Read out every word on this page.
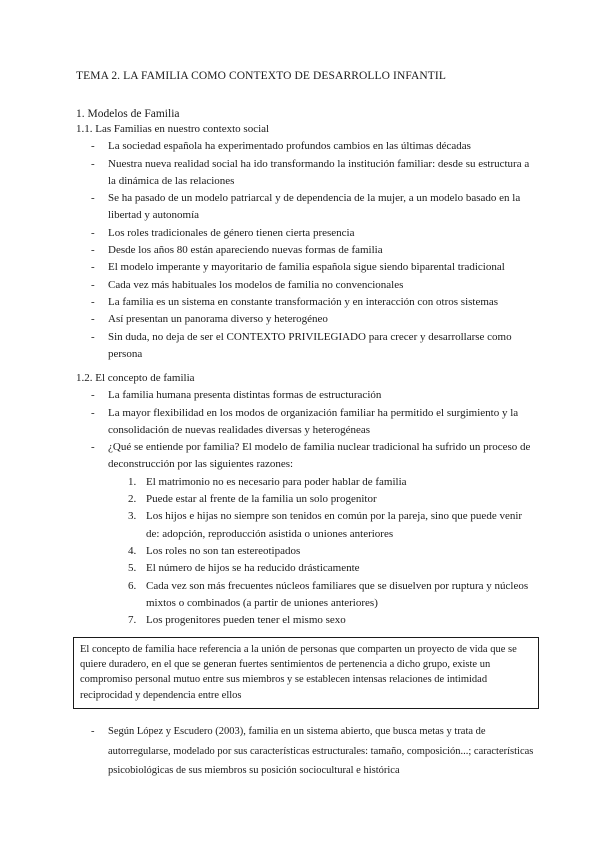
TEMA 2. LA FAMILIA COMO CONTEXTO DE DESARROLLO INFANTIL
1. Modelos de Familia
1.1. Las Familias en nuestro contexto social
- La sociedad española ha experimentado profundos cambios en las últimas décadas
- Nuestra nueva realidad social ha ido transformando la institución familiar: desde su estructura a la dinámica de las relaciones
- Se ha pasado de un modelo patriarcal y de dependencia de la mujer, a un modelo basado en la libertad y autonomía
- Los roles tradicionales de género tienen cierta presencia
- Desde los años 80 están apareciendo nuevas formas de familia
- El modelo imperante y mayoritario de familia española sigue siendo biparental tradicional
- Cada vez más habituales los modelos de familia no convencionales
- La familia es un sistema en constante transformación y en interacción con otros sistemas
- Así presentan un panorama diverso y heterogéneo
- Sin duda, no deja de ser el CONTEXTO PRIVILEGIADO para crecer y desarrollarse como persona
1.2. El concepto de familia
- La familia humana presenta distintas formas de estructuración
- La mayor flexibilidad en los modos de organización familiar ha permitido el surgimiento y la consolidación de nuevas realidades diversas y heterogéneas
- ¿Qué se entiende por familia? El modelo de familia nuclear tradicional ha sufrido un proceso de deconstrucción por las siguientes razones:
1. El matrimonio no es necesario para poder hablar de familia
2. Puede estar al frente de la familia un solo progenitor
3. Los hijos e hijas no siempre son tenidos en común por la pareja, sino que puede venir de: adopción, reproducción asistida o uniones anteriores
4. Los roles no son tan estereotipados
5. El número de hijos se ha reducido drásticamente
6. Cada vez son más frecuentes núcleos familiares que se disuelven por ruptura y núcleos mixtos o combinados (a partir de uniones anteriores)
7. Los progenitores pueden tener el mismo sexo
El concepto de familia hace referencia a la unión de personas que comparten un proyecto de vida que se quiere duradero, en el que se generan fuertes sentimientos de pertenencia a dicho grupo, existe un compromiso personal mutuo entre sus miembros y se establecen intensas relaciones de intimidad reciprocidad y dependencia entre ellos
- Según López y Escudero (2003), familia en un sistema abierto, que busca metas y trata de autorregularse, modelado por sus características estructurales: tamaño, composición...; características psicobiológicas de sus miembros su posición sociocultural e histórica
